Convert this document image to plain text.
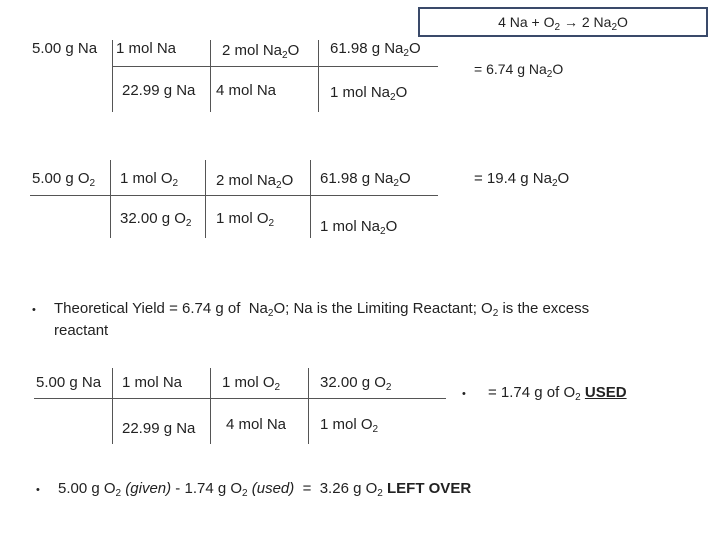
4 $Na + O_2 \to 2$ $Na_2O$
5.00 g Na 1 mol Na	2 mol $Na_2O$ 61.98 g $Na_2O$
22.99 g Na 4 mol Na	1 mol $Na_2O$
= 6.74 g $Na_2O$
5.00 g $O_2$ 1 mol $O_2$	2 mol $Na_2O$ 61.98 g $Na_2O$
32.00 g $O_2$ 1 mol $O_2$	1 mol $Na_2O$
= 19.4 g $Na_2O$
• Theoretical Yield = 6.74 g of  $Na_2O$; Na is the Limiting Reactant; $O_2$ is the excess
reactant
5.00 g Na 1 mol Na	1 mol $O_2$	32.00 g $O_2$
22.99 g Na 4 mol Na 1 mol $O_2$
• = 1.74 g of $O_2$ USED
• 5.00 g $O_2$ (given) - 1.74 g $O_2$ (used)  =  3.26 g $O_2$ LEFT OVER
